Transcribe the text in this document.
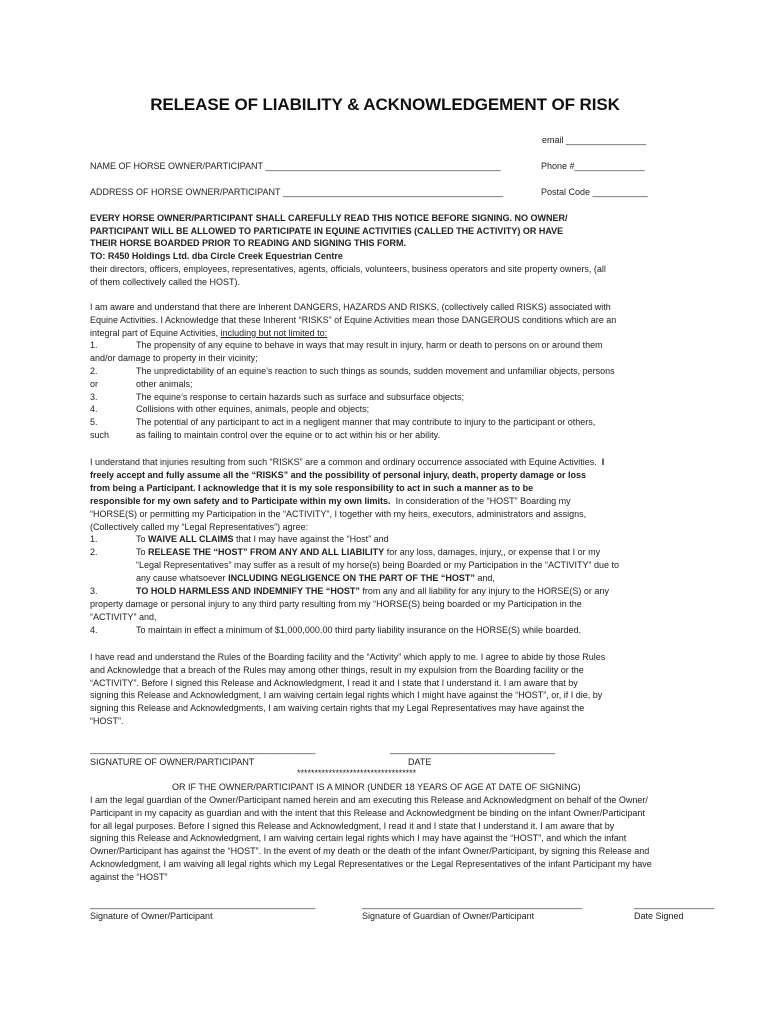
RELEASE OF LIABILITY & ACKNOWLEDGEMENT OF RISK
email ________________
NAME OF HORSE OWNER/PARTICIPANT _______________________________________________	Phone #______________
ADDRESS OF HORSE OWNER/PARTICIPANT ____________________________________________	Postal Code ___________

EVERY HORSE OWNER/PARTICIPANT SHALL CAREFULLY READ THIS NOTICE BEFORE SIGNING. NO OWNER/

PARTICIPANT WILL BE ALLOWED TO PARTICIPATE IN EQUINE ACTIVITIES (CALLED THE ACTIVITY) OR HAVE

THEIR HORSE BOARDED PRIOR TO READING AND SIGNING THIS FORM.

TO: R450 Holdings Ltd. dba Circle Creek Equestrian Centre

their directors, officers, employees, representatives, agents, officials, volunteers, business operators and site property owners, (all

of them collectively called the HOST).

I am aware and understand that there are Inherent DANGERS, HAZARDS AND RISKS, (collectively called RISKS) associated with

Equine Activities. I Acknowledge that these Inherent “RISKS” of Equine Activities mean those DANGEROUS conditions which are an

integral part of Equine Activities, including but not limited to:

1.	The propensity of any equine to behave in ways that may result in injury, harm or death to persons on or around them

and/or damage to property in their vicinity;

2.	The unpredictability of an equine’s reaction to such things as sounds, sudden movement and unfamiliar objects, persons

or	other animals;

3.	The equine’s response to certain hazards such as surface and subsurface objects;

4.	Collisions with other equines, animals, people and objects;

5.	The potential of any participant to act in a negligent manner that may contribute to injury to the participant or others,

such	as failing to maintain control over the equine or to act within his or her ability.

I understand that injuries resulting from such “RISKS” are a common and ordinary occurrence associated with Equine Activities. I

freely accept and fully assume all the “RISKS” and the possibility of personal injury, death, property damage or loss

from being a Participant. I acknowledge that it is my sole responsibility to act in such a manner as to be

responsible for my own safety and to Participate within my own limits. In consideration of the “HOST” Boarding my

“HORSE(S) or permitting my Participation in the “ACTIVITY”, I together with my heirs, executors, administrators and assigns,

(Collectively called my “Legal Representatives”) agree:

1.	To WAIVE ALL CLAIMS that I may have against the “Host” and

2.	To RELEASE THE “HOST” FROM ANY AND ALL LIABILITY for any loss, damages, injury,, or expense that I or my

“Legal Representatives” may suffer as a result of my horse(s) being Boarded or my Participation in the “ACTIVITY” due to

any cause whatsoever INCLUDING NEGLIGENCE ON THE PART OF THE “HOST” and,

3.	TO HOLD HARMLESS AND INDEMNIFY THE “HOST” from any and all liability for any injury to the HORSE(S) or any

property damage or personal injury to any third party resulting from my “HORSE(S) being boarded or my Participation in the

“ACTIVITY” and,

4.	To maintain in effect a minimum of $1,000,000.00 third party liability insurance on the HORSE(S) while boarded.

I have read and understand the Rules of the Boarding facility and the “Activity” which apply to me. I agree to abide by those Rules

and Acknowledge that a breach of the Rules may among other things, result in my expulsion from the Boarding facility or the

“ACTIVITY”. Before I signed this Release and Acknowledgment, I read it and I state that I understand it. I am aware that by

signing this Release and Acknowledgment, I am waiving certain legal rights which I might have against the “HOST”, or, if I die, by

signing this Release and Acknowledgments, I am waiving certain rights that my Legal Representatives may have against the

“HOST”.

_____________________________________________	_________________________________
SIGNATURE OF OWNER/PARTICIPANT	DATE
**********************************
OR IF THE OWNER/PARTICIPANT IS A MINOR (UNDER 18 YEARS OF AGE AT DATE OF SIGNING)

I am the legal guardian of the Owner/Participant named herein and am executing this Release and Acknowledgment on behalf of the Owner/

Participant in my capacity as guardian and with the intent that this Release and Acknowledgment be binding on the infant Owner/Participant

for all legal purposes. Before I signed this Release and Acknowledgment, I read it and I state that I understand it. I am aware that by

signing this Release and Acknowledgment, I am waiving certain legal rights which I may have against the “HOST”, and which the infant

Owner/Participant has against the “HOST”. In the event of my death or the death of the infant Owner/Participant, by signing this Release and

Acknowledgment, I am waiving all legal rights which my Legal Representatives or the Legal Representatives of the infant Participant my have

against the “HOST”

_____________________________________________	____________________________________________	________________
Signature of Owner/Participant	Signature of Guardian of Owner/Participant	Date Signed
